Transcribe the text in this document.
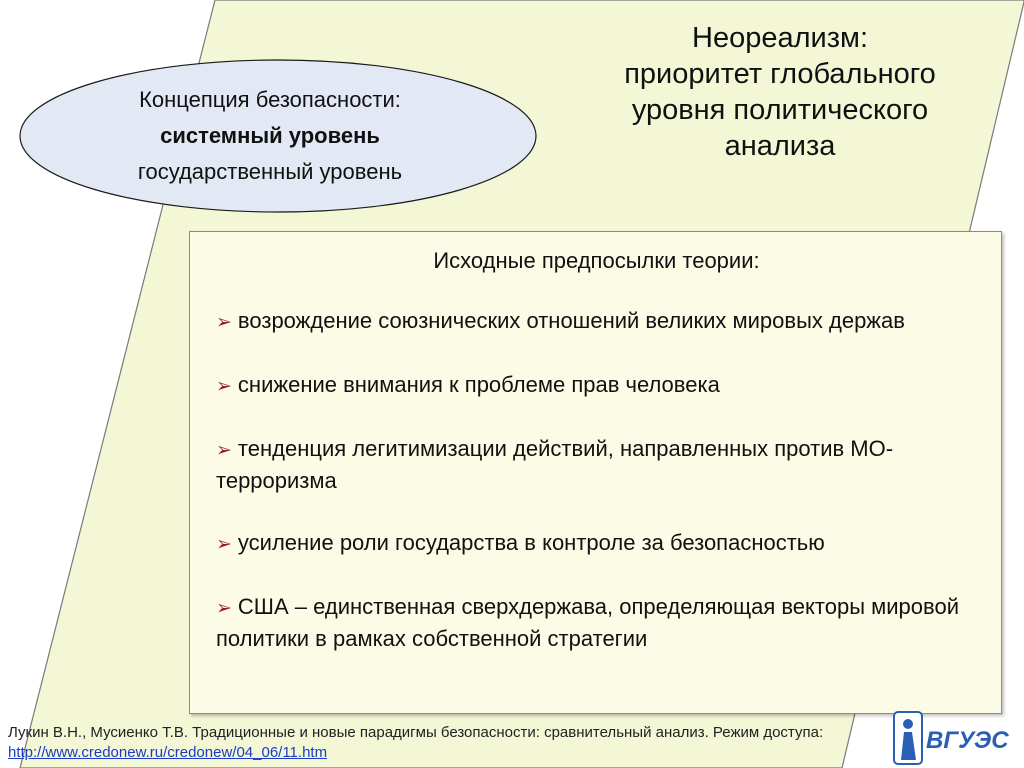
Неореализм:
приоритет глобального
уровня политического
анализа
Концепция безопасности:
системный уровень
государственный уровень
Исходные предпосылки теории:
➢ возрождение союзнических отношений великих мировых держав
➢ снижение внимания к проблеме прав человека
➢ тенденция легитимизации действий, направленных против МО-терроризма
➢ усиление роли государства в контроле за безопасностью
➢ США – единственная сверхдержава, определяющая векторы мировой политики в рамках собственной стратегии
Лукин В.Н., Мусиенко Т.В. Традиционные и новые парадигмы безопасности: сравнительный анализ. Режим доступа: http://www.credonew.ru/credonew/04_06/11.htm	ВГУЭС
